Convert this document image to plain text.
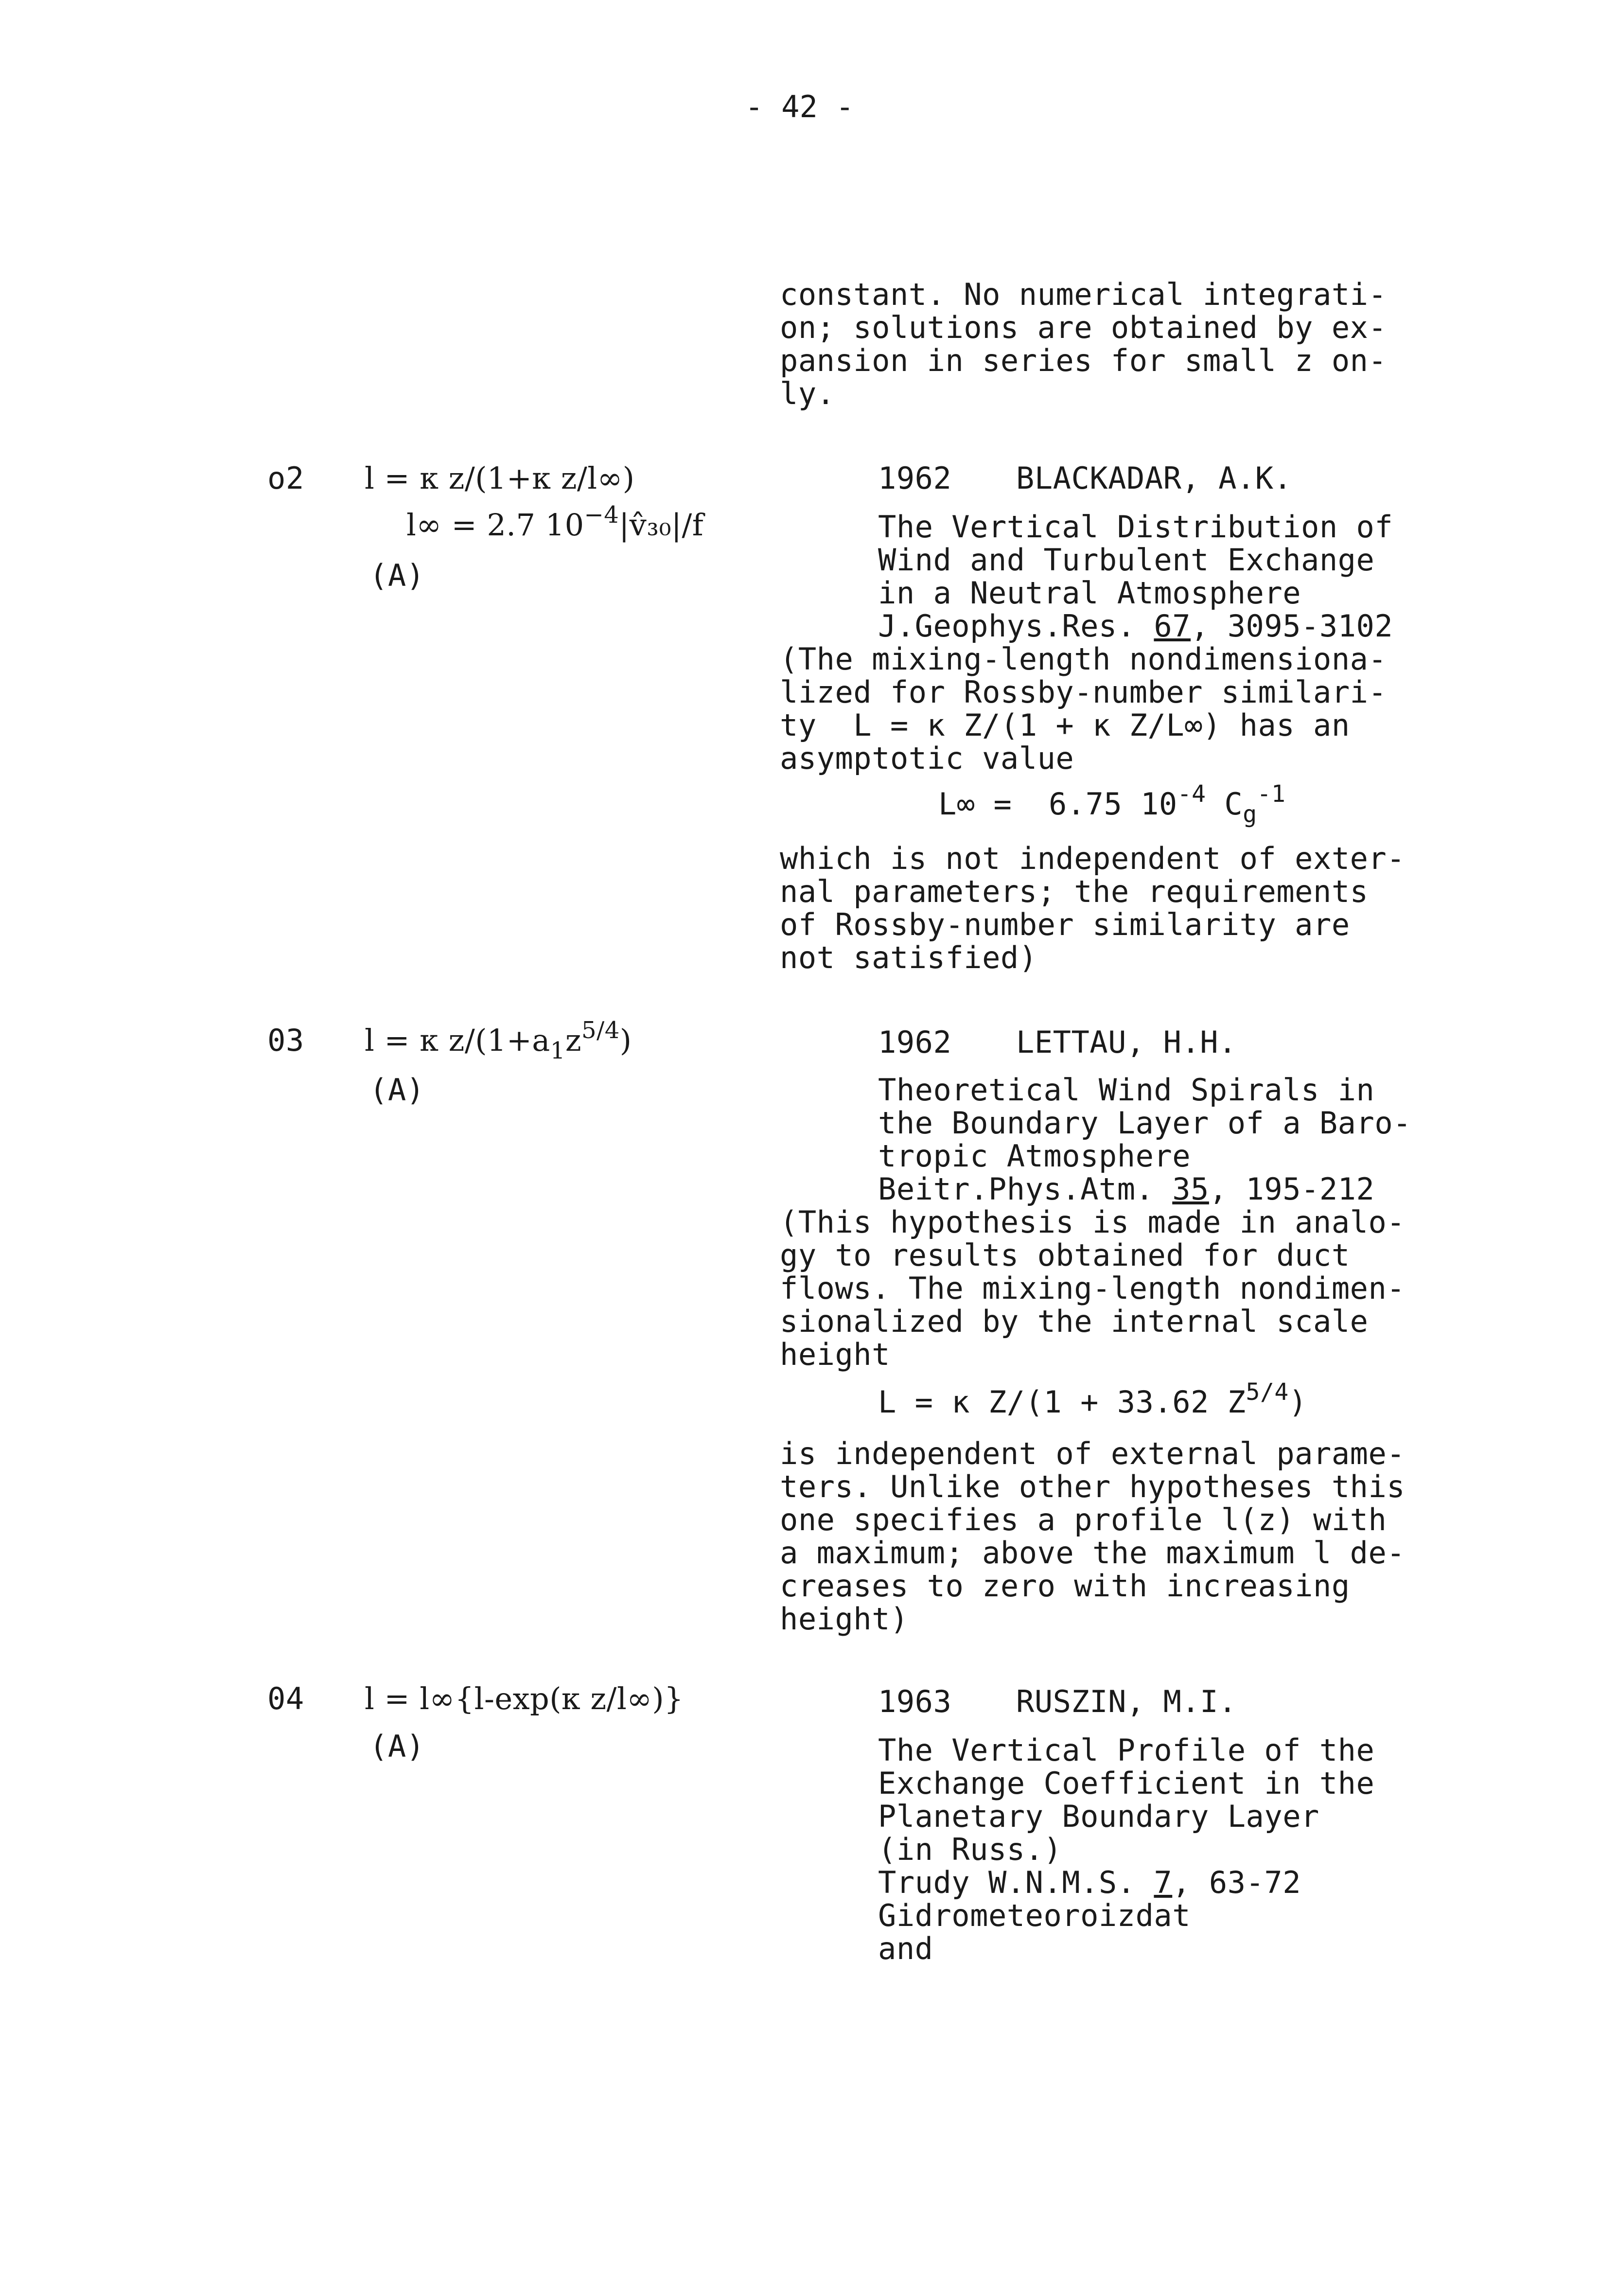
- 42 -
constant. No numerical integrati-
on; solutions are obtained by ex-
pansion in series for small z on-
ly.
o2 l = κ z/(1+κ z/l∞)
l∞ = 2.7 $10^{-4}|v̂_{30}|/f$
(A)
1962 BLACKADAR, A.K.
The Vertical Distribution of
Wind and Turbulent Exchange
in a Neutral Atmosphere
J.Geophys.Res. 67, 3095-3102
(The mixing-length nondimensiona-
lized for Rossby-number similari-
ty  L = κ Z/(1 + κ Z/L∞) has an
asymptotic value
L∞ =  6.75 $10^{-4}$ $C_g^{-1}$
which is not independent of exter-
nal parameters; the requirements
of Rossby-number similarity are
not satisfied)
03 l = κ $z/(1+a_1z^{5/4})$
(A)
1962 LETTAU, H.H.
Theoretical Wind Spirals in
the Boundary Layer of a Baro-
tropic Atmosphere
Beitr.Phys.Atm. 35, 195-212
(This hypothesis is made in analo-
gy to results obtained for duct
flows. The mixing-length nondimen-
sionalized by the internal scale
height
L = κ Z/(1 + 33.62 $Z^{5/4}$)
is independent of external parame-
ters. Unlike other hypotheses this
one specifies a profile l(z) with
a maximum; above the maximum l de-
creases to zero with increasing
height)
04 l = l∞{l-exp(κ z/l∞)}
(A)
1963 RUSZIN, M.I.
The Vertical Profile of the
Exchange Coefficient in the
Planetary Boundary Layer
(in Russ.)
Trudy W.N.M.S. 7, 63-72
Gidrometeoroizdat
and
